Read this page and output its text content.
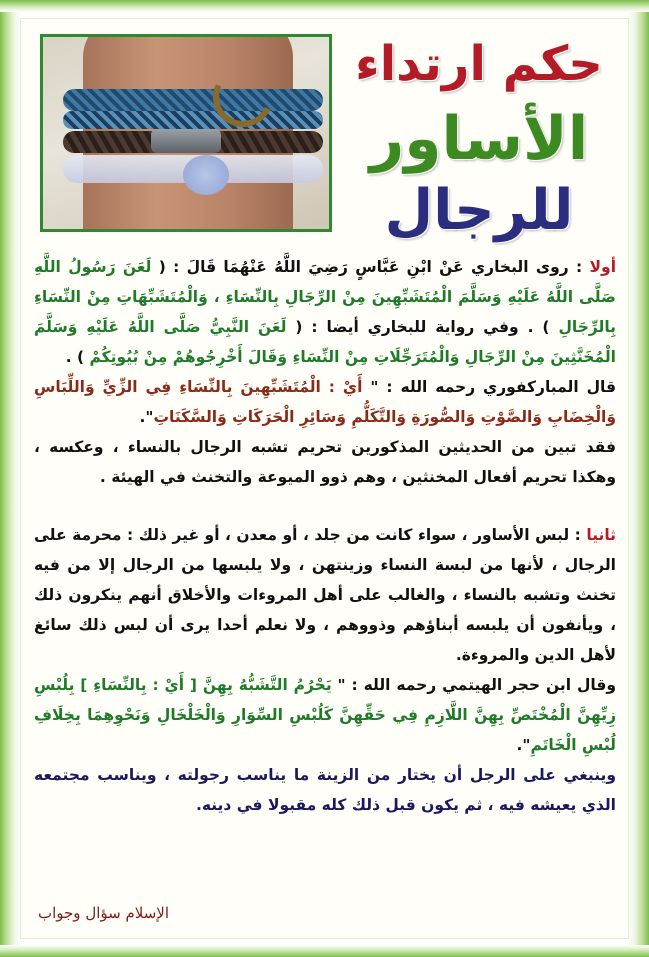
حكم ارتداء
الأساور
للرجال

أولا : روى البخاري عَنْ ابْنِ عَبَّاسٍ رَضِيَ اللَّهُ عَنْهُمَا قَالَ : ( لَعَنَ رَسُولُ اللَّهِ صَلَّى اللَّهُ عَلَيْهِ وَسَلَّمَ الْمُتَشَبِّهِينَ مِنْ الرِّجَالِ بِالنِّسَاءِ ، وَالْمُتَشَبِّهَاتِ مِنْ النِّسَاءِ بِالرِّجَالِ ) . وفي رواية للبخاري أيضا : ( لَعَنَ النَّبِيُّ صَلَّى اللَّهُ عَلَيْهِ وَسَلَّمَ الْمُخَنَّثِينَ مِنْ الرِّجَالِ وَالْمُتَرَجِّلَاتِ مِنْ النِّسَاءِ وَقَالَ أَخْرِجُوهُمْ مِنْ بُيُوتِكُمْ ) .

قال المباركفوري رحمه الله : " أَيْ : الْمُتَشَبِّهِينَ بِالنِّسَاءِ فِي الزِّيِّ وَاللِّبَاسِ وَالْخِضَابِ وَالصَّوْتِ وَالصُّورَةِ وَالتَّكَلُّمِ وَسَائِرِ الْحَرَكَاتِ وَالسَّكَنَاتِ".

فقد تبين من الحديثين المذكورين تحريم تشبه الرجال بالنساء ، وعكسه ، وهكذا تحريم أفعال المخنثين ، وهم ذوو الميوعة والتخنث في الهيئة .

ثانيا : لبس الأساور ، سواء كانت من جلد ، أو معدن ، أو غير ذلك : محرمة على الرجال ، لأنها من لبسة النساء وزينتهن ، ولا يلبسها من الرجال إلا من فيه تخنث وتشبه بالنساء ، والغالب على أهل المروءات والأخلاق أنهم ينكرون ذلك ، ويأنفون أن يلبسه أبناؤهم وذووهم ، ولا نعلم أحدا يرى أن لبس ذلك سائغ لأهل الدين والمروءة.

وقال ابن حجر الهيتمي رحمه الله : " يَحْرُمُ التَّشَبُّهُ بِهِنَّ [ أَيْ : بِالنِّسَاءِ ] بِلُبْسِ زِيِّهِنَّ الْمُخْتَصِّ بِهِنَّ اللَّازِمِ فِي حَقِّهِنَّ كَلُبْسِ السِّوَارِ وَالْخَلْخَالِ وَنَحْوِهِمَا بِخِلَافِ لُبْسِ الْخَاتَمِ".

وينبغي على الرجل أن يختار من الزينة ما يناسب رجولته ، ويناسب مجتمعه الذي يعيشه فيه ، ثم يكون قبل ذلك كله مقبولا في دينه.

الإسلام سؤال وجواب
